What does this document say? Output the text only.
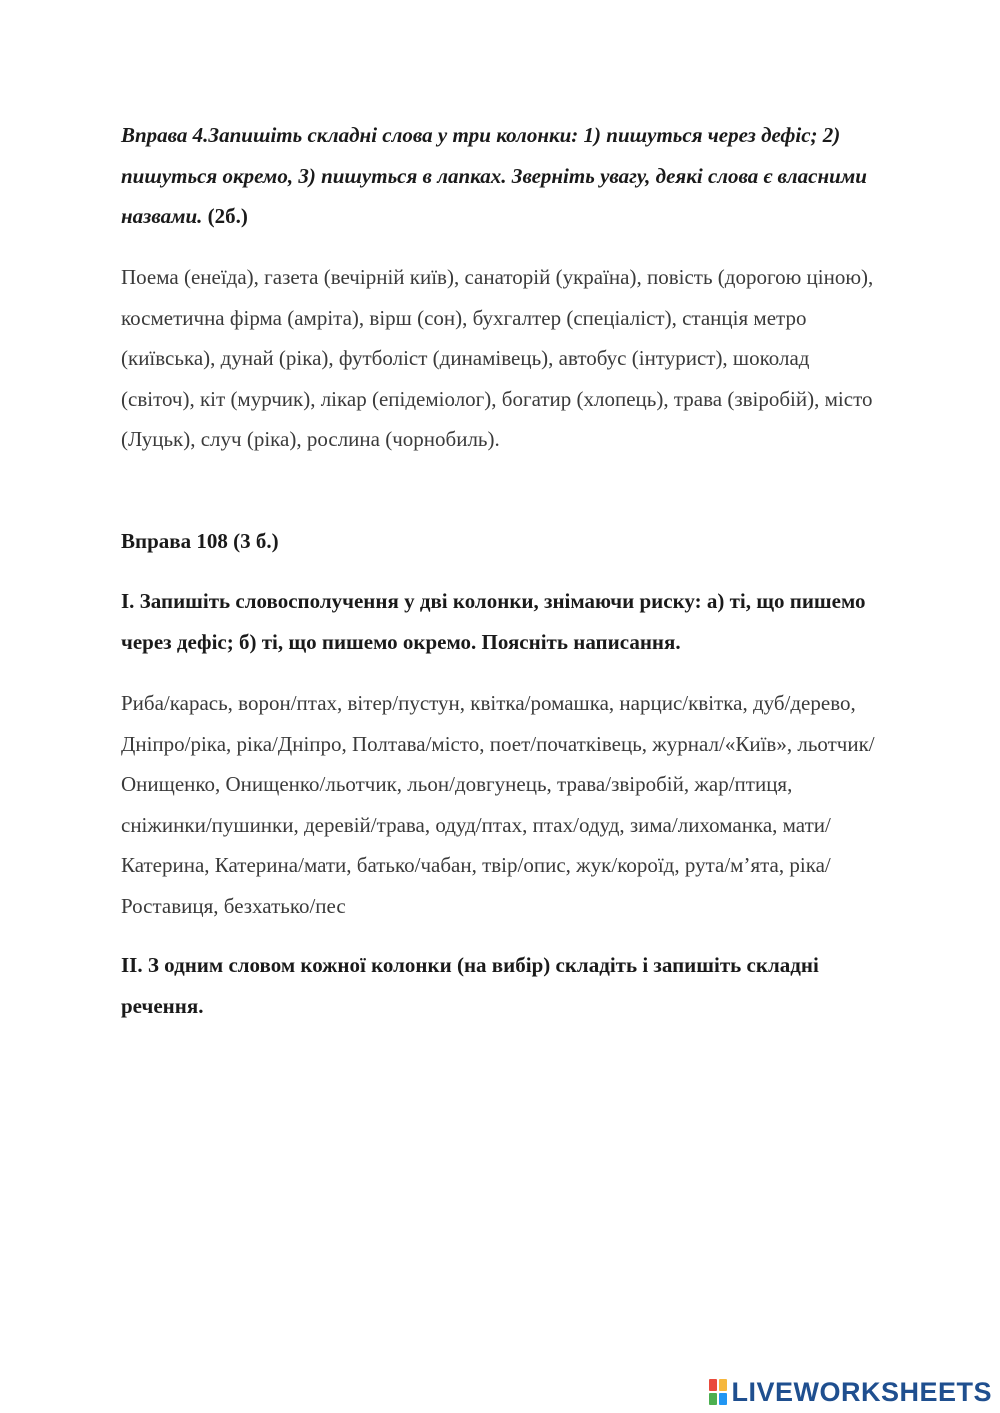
Вправа 4.Запишіть складні слова у три колонки: 1) пишуться через дефіс; 2) пишуться окремо, 3) пишуться в лапках. Зверніть увагу, деякі слова є власними назвами. (2б.)

Поема (енеїда), газета (вечірній київ), санаторій (україна), повість (дорогою ціною), косметична фірма (амріта), вірш (сон), бухгалтер (спеціаліст), станція метро (київська), дунай (ріка), футболіст (динамівець), автобус (інтурист), шоколад (світоч), кіт (мурчик), лікар (епідеміолог), богатир (хлопець), трава (звіробій), місто (Луцьк), случ (ріка), рослина (чорнобиль).

Вправа 108 (3 б.)

І. Запишіть словосполучення у дві колонки, знімаючи риску: а) ті, що пишемо через дефіс; б) ті, що пишемо окремо. Поясніть написання.

Риба/карась, ворон/птах, вітер/пустун, квітка/ромашка, нарцис/квітка, дуб/дерево, Дніпро/ріка, ріка/Дніпро, Полтава/місто, поет/початківець, журнал/«Київ», льотчик/Онищенко, Онищенко/льотчик, льон/довгунець, трава/звіробій, жар/птиця, сніжинки/пушинки, деревій/трава, одуд/птах, птах/одуд, зима/лихоманка, мати/Катерина, Катерина/мати, батько/чабан, твір/опис, жук/короїд, рута/м’ята, ріка/Роставиця, безхатько/пес

ІІ. З одним словом кожної колонки (на вибір) складіть і запишіть складні речення.

LIVEWORKSHEETS
